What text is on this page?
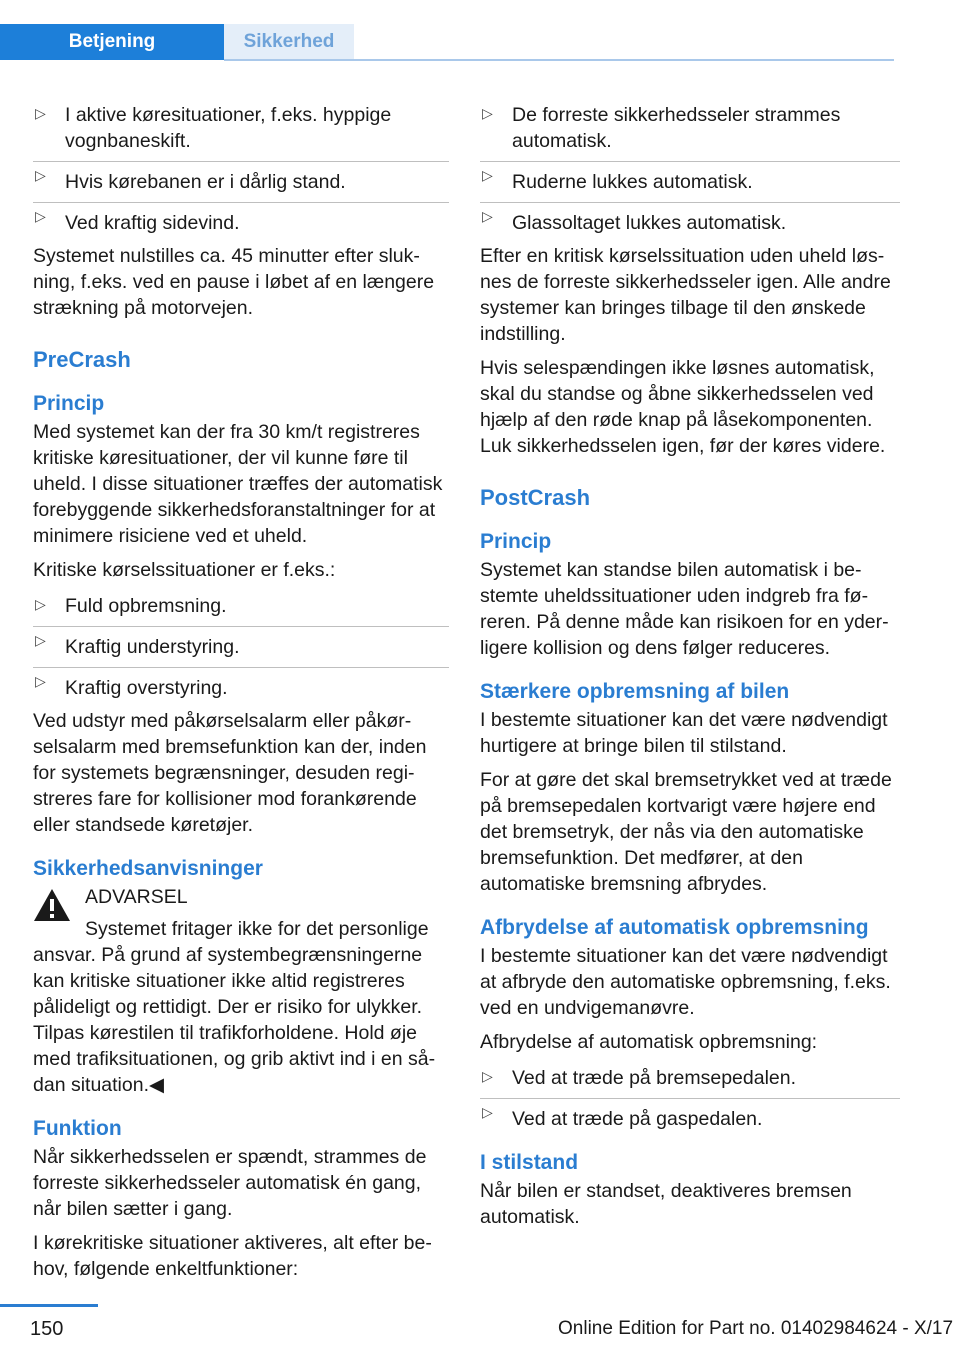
Betjening	Sikkerhed
▷ I aktive køresituationer, f.eks. hyppige vognbaneskift.
▷ Hvis kørebanen er i dårlig stand.
▷ Ved kraftig sidevind.

Systemet nulstilles ca. 45 minutter efter slukning, f.eks. ved en pause i løbet af en længere strækning på motorvejen.

PreCrash
Princip

Med systemet kan der fra 30 km/t registreres kritiske køresituationer, der vil kunne føre til uheld. I disse situationer træffes der automatisk forebyggende sikkerhedsforanstaltninger for at minimere risiciene ved et uheld.

Kritiske kørselssituationer er f.eks.:

▷ Fuld opbremsning.
▷ Kraftig understyring.
▷ Kraftig overstyring.

Ved udstyr med påkørselsalarm eller påkørselsalarm med bremsefunktion kan der, inden for systemets begrænsninger, desuden registreres fare for kollisioner mod forankørende eller standsede køretøjer.

Sikkerhedsanvisninger
ADVARSEL
Systemet fritager ikke for det personlige

ansvar. På grund af systembegrænsningerne kan kritiske situationer ikke altid registreres pålideligt og rettidigt. Der er risiko for ulykker. Tilpas kørestilen til trafikforholdene. Hold øje med trafiksituationen, og grib aktivt ind i en sådan situation.◀

Funktion

Når sikkerhedsselen er spændt, strammes de forreste sikkerhedsseler automatisk én gang, når bilen sætter i gang.

I kørekritiske situationer aktiveres, alt efter behov, følgende enkeltfunktioner:

▷ De forreste sikkerhedsseler strammes automatisk.
▷ Ruderne lukkes automatisk.
▷ Glassoltaget lukkes automatisk.

Efter en kritisk kørselssituation uden uheld løsnes de forreste sikkerhedsseler igen. Alle andre systemer kan bringes tilbage til den ønskede indstilling.

Hvis selespændingen ikke løsnes automatisk, skal du standse og åbne sikkerhedsselen ved hjælp af den røde knap på låsekomponenten. Luk sikkerhedsselen igen, før der køres videre.

PostCrash
Princip

Systemet kan standse bilen automatisk i bestemte uheldssituationer uden indgreb fra føreren. På denne måde kan risikoen for en yderligere kollision og dens følger reduceres.

Stærkere opbremsning af bilen

I bestemte situationer kan det være nødvendigt hurtigere at bringe bilen til stilstand.

For at gøre det skal bremsetrykket ved at træde på bremsepedalen kortvarigt være højere end det bremsetryk, der nås via den automatiske bremsefunktion. Det medfører, at den automatiske bremsning afbrydes.

Afbrydelse af automatisk opbremsning

I bestemte situationer kan det være nødvendigt at afbryde den automatiske opbremsning, f.eks. ved en undvigemanøvre.

Afbrydelse af automatisk opbremsning:

▷ Ved at træde på bremsepedalen.
▷ Ved at træde på gaspedalen.
I stilstand

Når bilen er standset, deaktiveres bremsen automatisk.

150	Online Edition for Part no. 01402984624 - X/17
